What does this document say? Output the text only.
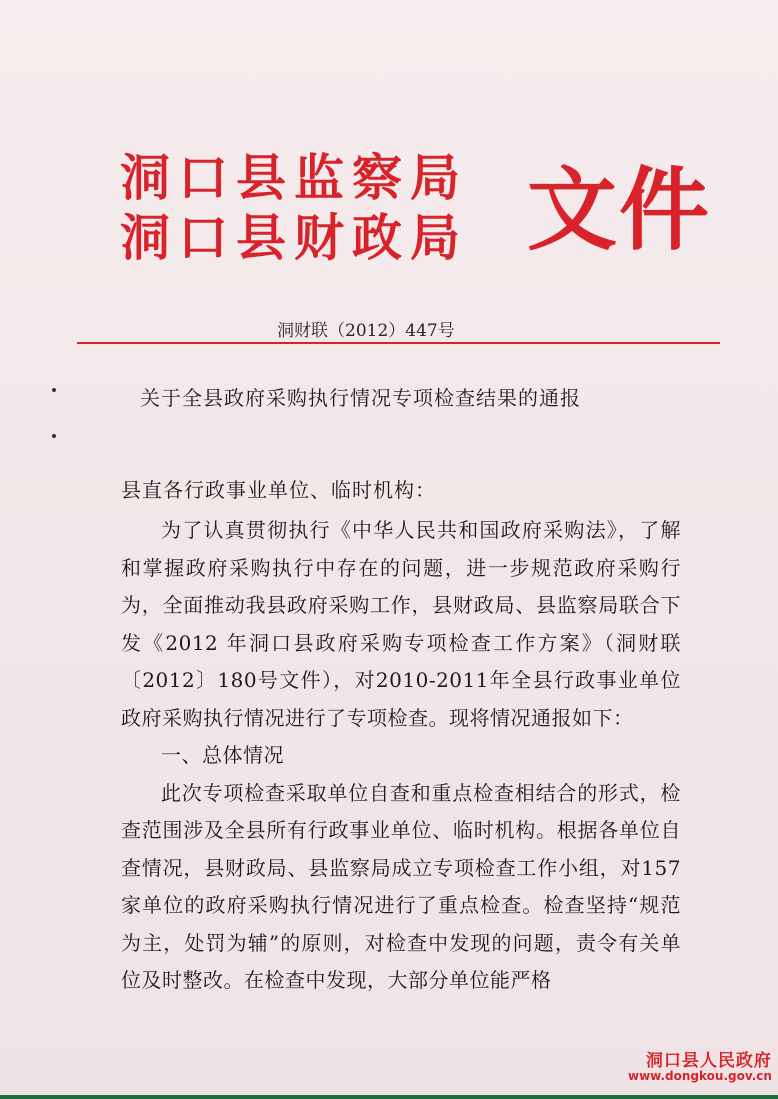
洞口县监察局
洞口县财政局 文件
洞财联（2012）447号
关于全县政府采购执行情况专项检查结果的通报
县直各行政事业单位、临时机构：

为了认真贯彻执行《中华人民共和国政府采购法》，了解和掌握政府采购执行中存在的问题，进一步规范政府采购行为，全面推动我县政府采购工作，县财政局、县监察局联合下发《2012 年洞口县政府采购专项检查工作方案》（洞财联〔2012〕180号文件），对2010-2011年全县行政事业单位政府采购执行情况进行了专项检查。现将情况通报如下：

一、总体情况

此次专项检查采取单位自查和重点检查相结合的形式，检查范围涉及全县所有行政事业单位、临时机构。根据各单位自查情况，县财政局、县监察局成立专项检查工作小组，对157家单位的政府采购执行情况进行了重点检查。检查坚持“规范为主，处罚为辅”的原则，对检查中发现的问题，责令有关单位及时整改。在检查中发现，大部分单位能严格

洞口县人民政府
www.dongkou.gov.cn
